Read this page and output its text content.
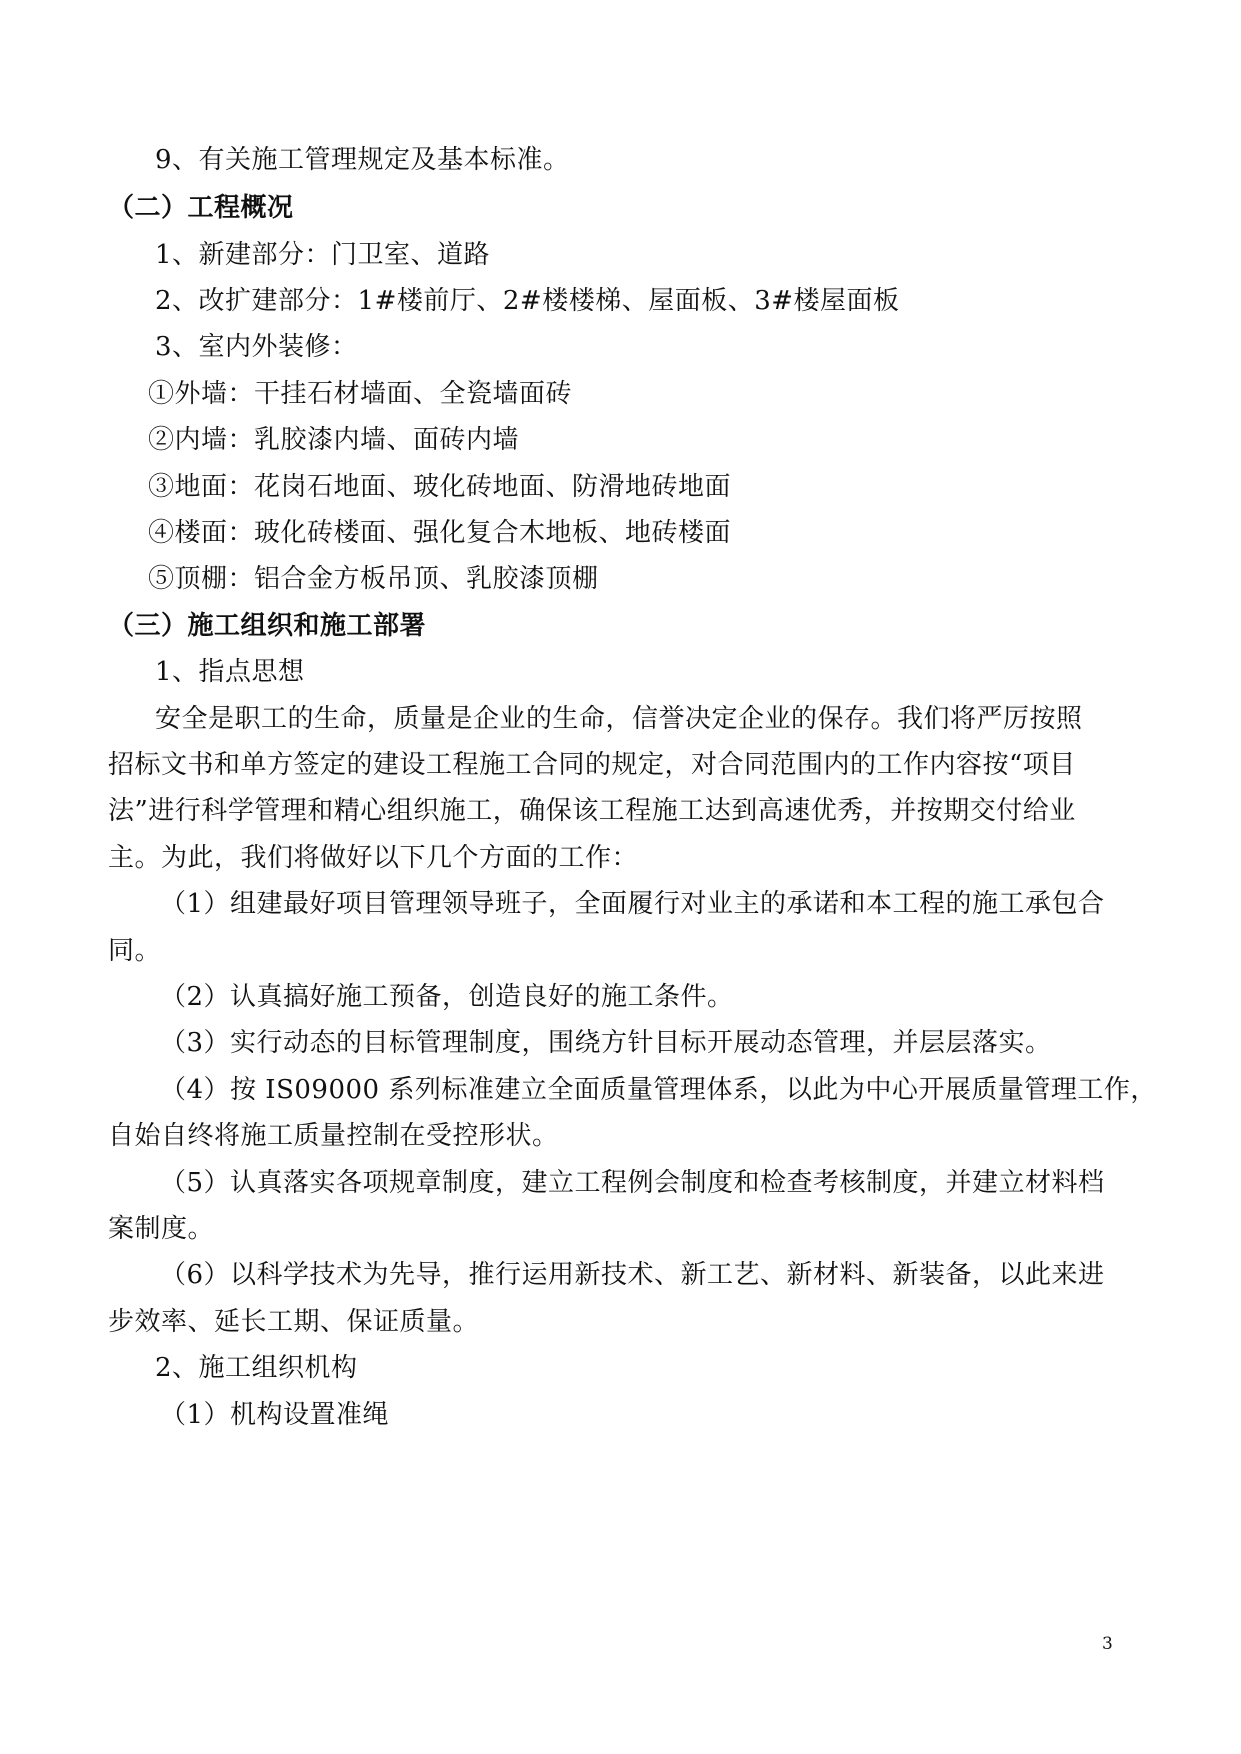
9、有关施工管理规定及基本标准。
（二）工程概况
1、新建部分：门卫室、道路
2、改扩建部分：1#楼前厅、2#楼楼梯、屋面板、3#楼屋面板
3、室内外装修：
①外墙：干挂石材墙面、全瓷墙面砖
②内墙：乳胶漆内墙、面砖内墙
③地面：花岗石地面、玻化砖地面、防滑地砖地面
④楼面：玻化砖楼面、强化复合木地板、地砖楼面
⑤顶棚：铝合金方板吊顶、乳胶漆顶棚
（三）施工组织和施工部署
1、指点思想
安全是职工的生命，质量是企业的生命，信誉决定企业的保存。我们将严厉按照
招标文书和单方签定的建设工程施工合同的规定，对合同范围内的工作内容按“项目
法”进行科学管理和精心组织施工，确保该工程施工达到高速优秀，并按期交付给业
主。为此，我们将做好以下几个方面的工作：
（1）组建最好项目管理领导班子，全面履行对业主的承诺和本工程的施工承包合
同。
（2）认真搞好施工预备，创造良好的施工条件。
（3）实行动态的目标管理制度，围绕方针目标开展动态管理，并层层落实。
（4）按 IS09000 系列标准建立全面质量管理体系，以此为中心开展质量管理工作，
自始自终将施工质量控制在受控形状。
（5）认真落实各项规章制度，建立工程例会制度和检查考核制度，并建立材料档
案制度。
（6）以科学技术为先导，推行运用新技术、新工艺、新材料、新装备，以此来进
步效率、延长工期、保证质量。
2、施工组织机构
（1）机构设置准绳
3
